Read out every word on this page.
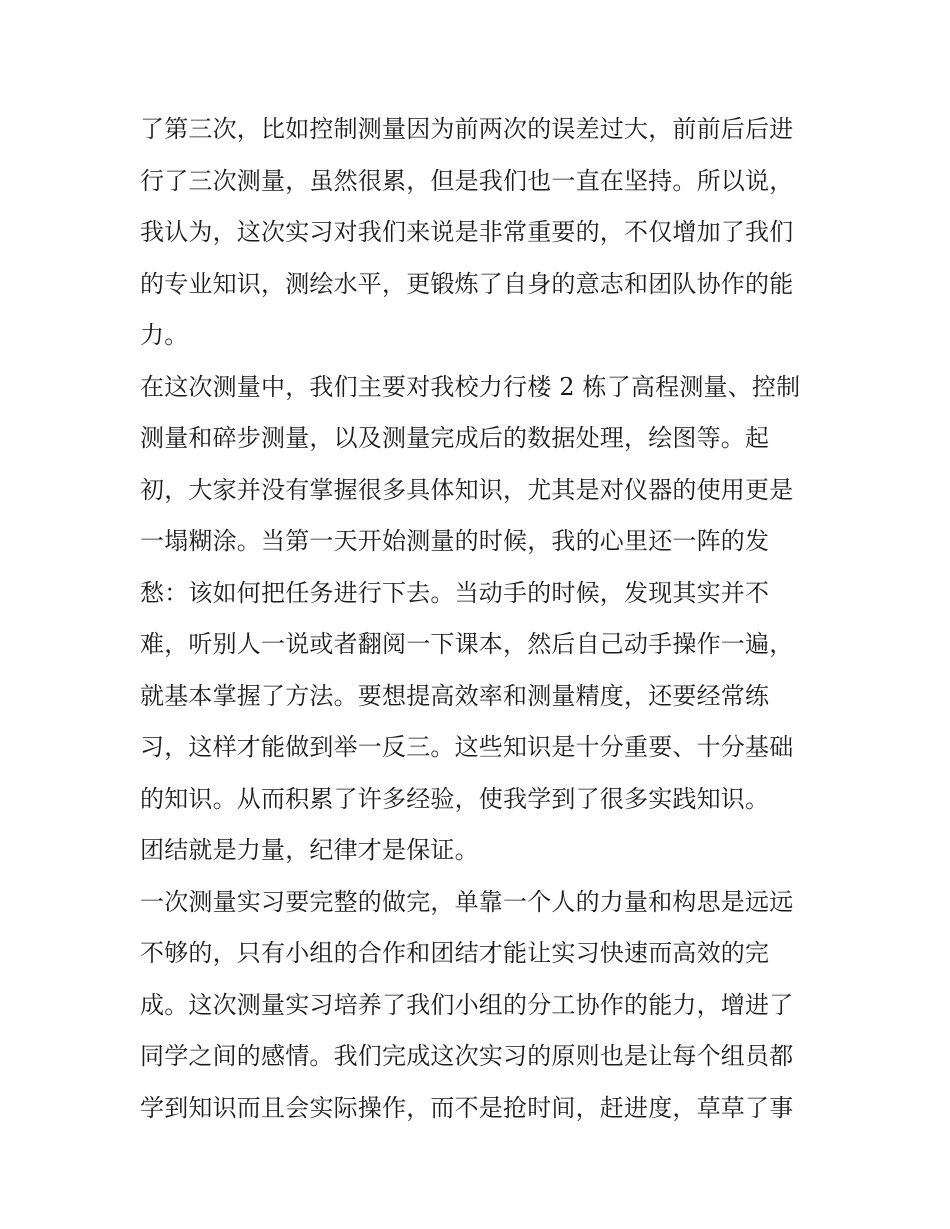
了第三次，比如控制测量因为前两次的误差过大，前前后后进
行了三次测量，虽然很累，但是我们也一直在坚持。所以说，
我认为，这次实习对我们来说是非常重要的，不仅增加了我们
的专业知识，测绘水平，更锻炼了自身的意志和团队协作的能
力。
在这次测量中，我们主要对我校力行楼 2 栋了高程测量、控制
测量和碎步测量，以及测量完成后的数据处理，绘图等。起
初，大家并没有掌握很多具体知识，尤其是对仪器的使用更是
一塌糊涂。当第一天开始测量的时候，我的心里还一阵的发
愁：该如何把任务进行下去。当动手的时候，发现其实并不
难，听别人一说或者翻阅一下课本，然后自己动手操作一遍，
就基本掌握了方法。要想提高效率和测量精度，还要经常练
习，这样才能做到举一反三。这些知识是十分重要、十分基础
的知识。从而积累了许多经验，使我学到了很多实践知识。
团结就是力量，纪律才是保证。
一次测量实习要完整的做完，单靠一个人的力量和构思是远远
不够的，只有小组的合作和团结才能让实习快速而高效的完
成。这次测量实习培养了我们小组的分工协作的能力，增进了
同学之间的感情。我们完成这次实习的原则也是让每个组员都
学到知识而且会实际操作，而不是抢时间，赶进度，草草了事
